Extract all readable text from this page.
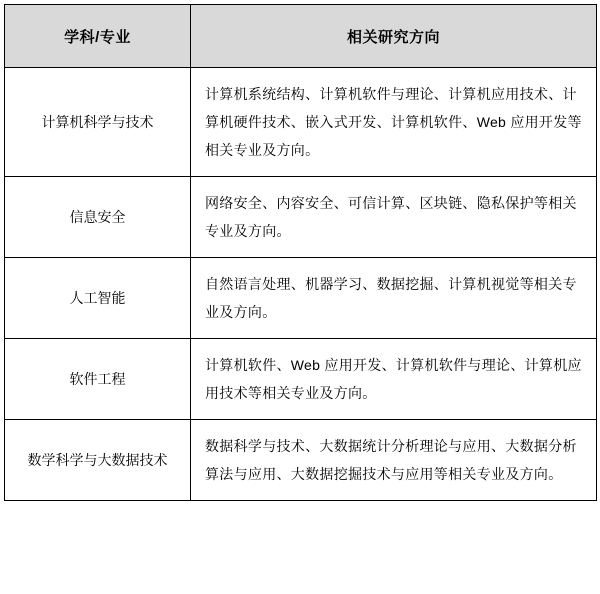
学科/专业	相关研究方向
计算机科学与技术	计算机系统结构、计算机软件与理论、计算机应用技术、计算机硬件技术、嵌入式开发、计算机软件、Web 应用开发等相关专业及方向。
信息安全	网络安全、内容安全、可信计算、区块链、隐私保护等相关专业及方向。
人工智能	自然语言处理、机器学习、数据挖掘、计算机视觉等相关专业及方向。
软件工程	计算机软件、Web 应用开发、计算机软件与理论、计算机应用技术等相关专业及方向。
数学科学与大数据技术	数据科学与技术、大数据统计分析理论与应用、大数据分析算法与应用、大数据挖掘技术与应用等相关专业及方向。
